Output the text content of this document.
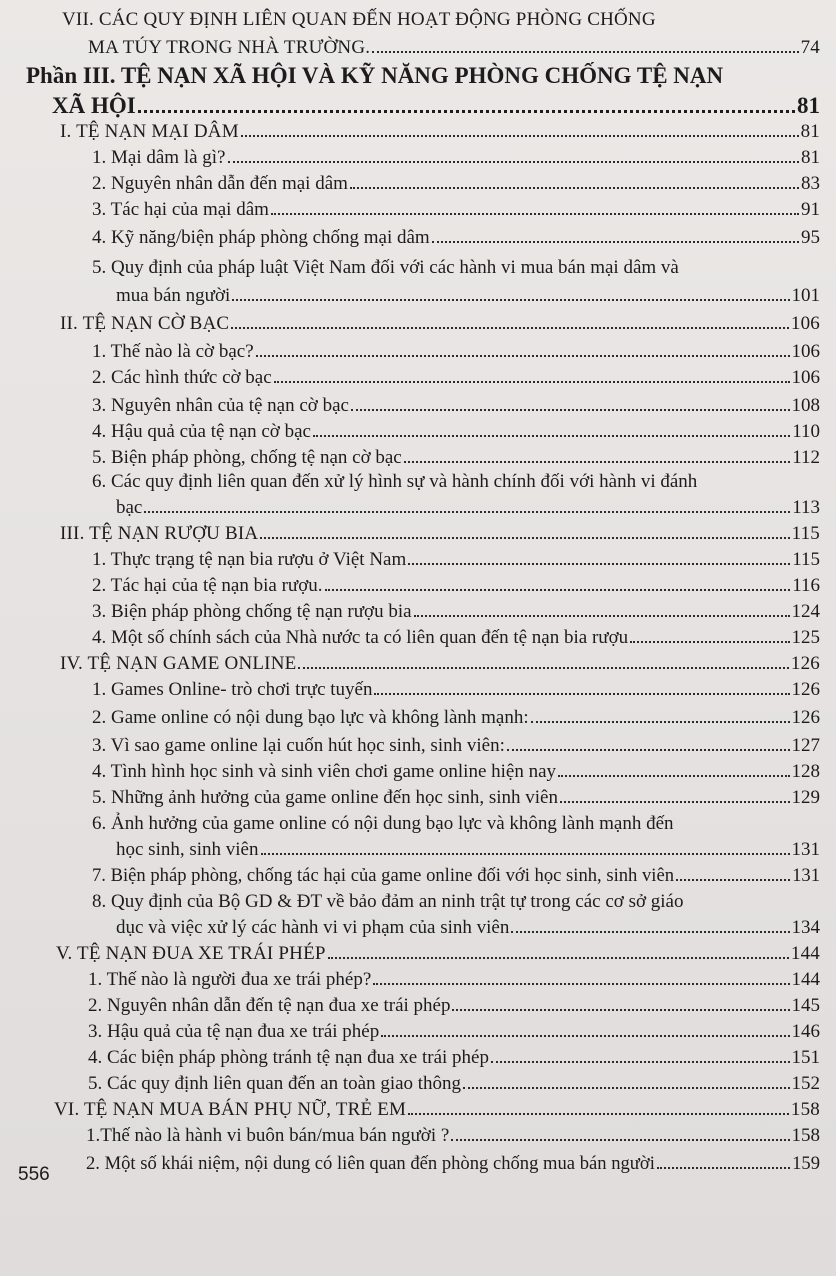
VII. CÁC QUY ĐỊNH LIÊN QUAN ĐẾN HOẠT ĐỘNG PHÒNG CHỐNG
MA TÚY TRONG NHÀ TRƯỜNG.	74
Phần III. TỆ NẠN XÃ HỘI VÀ KỸ NĂNG PHÒNG CHỐNG TỆ NẠN
XÃ HỘI	81
I. TỆ NẠN MẠI DÂM	81
1. Mại dâm là gì?	81
2. Nguyên nhân dẫn đến mại dâm	83
3. Tác hại của mại dâm	91
4. Kỹ năng/biện pháp phòng chống mại dâm	95
5. Quy định của pháp luật Việt Nam đối với các hành vi mua bán mại dâm và
mua bán người	101
II. TỆ NẠN CỜ BẠC	106
1. Thế nào là cờ bạc?	106
2. Các hình thức cờ bạc	106
3. Nguyên nhân của tệ nạn cờ bạc	108
4. Hậu quả của tệ nạn cờ bạc	110
5. Biện pháp phòng, chống tệ nạn cờ bạc	112
6. Các quy định liên quan đến xử lý hình sự và hành chính đối với hành vi đánh
bạc	113
III. TỆ NẠN RƯỢU BIA	115
1. Thực trạng tệ nạn bia rượu ở Việt Nam	115
2. Tác hại của tệ nạn bia rượu.	116
3. Biện pháp phòng chống tệ nạn rượu bia	124
4. Một số chính sách của Nhà nước ta có liên quan đến tệ nạn bia rượu	125
IV. TỆ NẠN GAME ONLINE	126
1. Games Online- trò chơi trực tuyến	126
2. Game online có nội dung bạo lực và không lành mạnh:	126
3. Vì sao game online lại cuốn hút học sinh, sinh viên:	127
4. Tình hình học sinh và sinh viên chơi game online hiện nay	128
5. Những ảnh hưởng của game online đến học sinh, sinh viên	129
6. Ảnh hưởng của game online có nội dung bạo lực và không lành mạnh đến
học sinh, sinh viên	131
7. Biện pháp phòng, chống tác hại của game online đối với học sinh, sinh viên	131
8. Quy định của Bộ GD & ĐT về bảo đảm an ninh trật tự trong các cơ sở giáo
dục và việc xử lý các hành vi vi phạm của sinh viên	134
V. TỆ NẠN ĐUA XE TRÁI PHÉP	144
1. Thế nào là người đua xe trái phép?	144
2. Nguyên nhân dẫn đến tệ nạn đua xe trái phép	145
3. Hậu quả của tệ nạn đua xe trái phép	146
4. Các biện pháp phòng tránh tệ nạn đua xe trái phép	151
5. Các quy định liên quan đến an toàn giao thông	152
VI. TỆ NẠN MUA BÁN PHỤ NỮ, TRẺ EM	158
1.Thế nào là hành vi buôn bán/mua bán người ?	158
2. Một số khái niệm, nội dung có liên quan đến phòng chống mua bán người	159
556
